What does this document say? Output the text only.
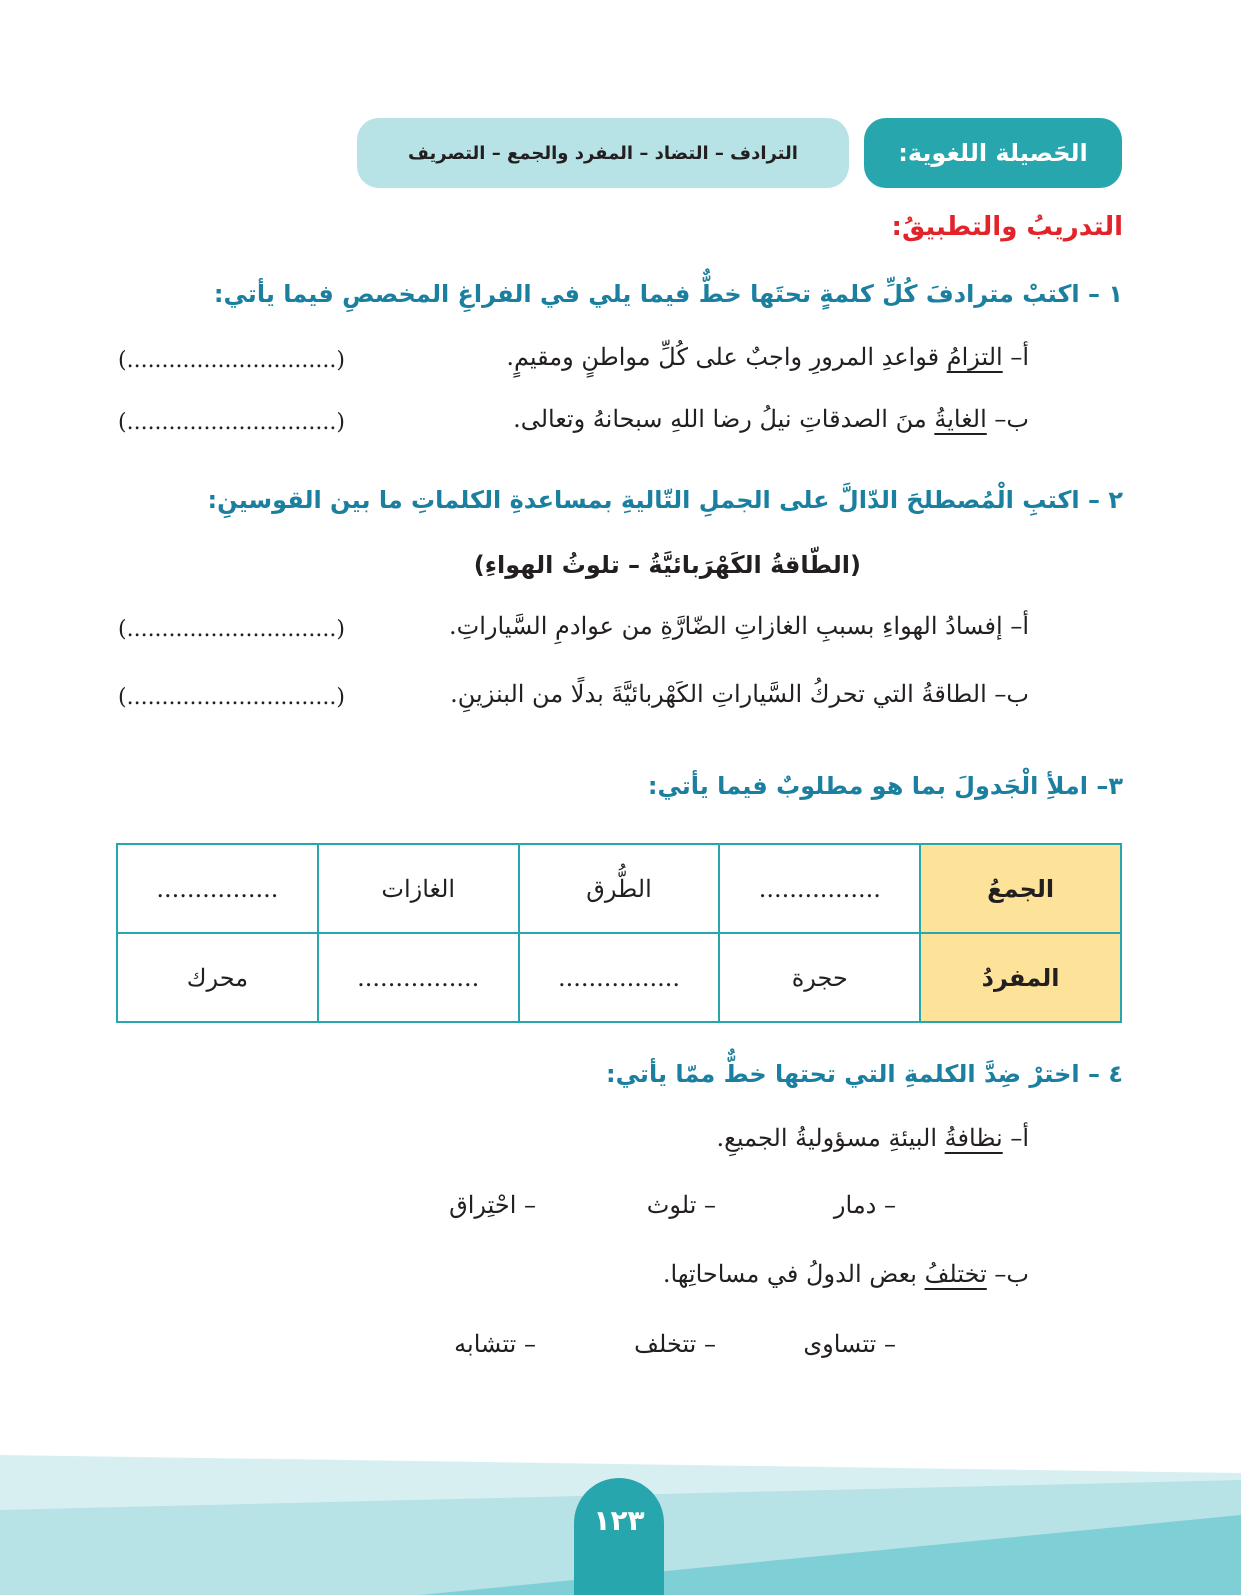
الحَصيلة اللغوية:
الترادف – التضاد – المفرد والجمع – التصريف
التدريبُ والتطبيقُ:
١ – اكتبْ مترادفَ كُلِّ كلمةٍ تحتَها خطٌّ فيما يلي في الفراغِ المخصصِ فيما يأتي:
أ– التزامُ قواعدِ المرورِ واجبٌ على كُلِّ مواطنٍ ومقيمٍ.
(..............................)
ب– الغايةُ منَ الصدقاتِ نيلُ رضا اللهِ سبحانهُ وتعالى.
(..............................)
٢ – اكتبِ الْمُصطلحَ الدّالَّ على الجملِ التّاليةِ بمساعدةِ الكلماتِ ما بين القوسينِ:
(الطّاقةُ الكَهْرَبائيَّةُ – تلوثُ الهواءِ)
أ– إفسادُ الهواءِ بسببِ الغازاتِ الضّارَّةِ من عوادمِ السَّياراتِ.
(..............................)
ب– الطاقةُ التي تحركُ السَّياراتِ الكَهْربائيَّةَ بدلًا من البنزينِ.
(..............................)
٣– املأِ الْجَدولَ بما هو مطلوبٌ فيما يأتي:
الجمعُ	................	الطُّرق	الغازات	................
المفردُ	حجرة	................	................	محرك
٤ – اخترْ ضِدَّ الكلمةِ التي تحتها خطٌّ ممّا يأتي:
أ– نظافةُ البيئةِ مسؤوليةُ الجميعِ.
– دمار
– تلوث
– احْتِراق
ب– تختلفُ بعض الدولُ في مساحاتِها.
– تتساوى
– تتخلف
– تتشابه
١٢٣
